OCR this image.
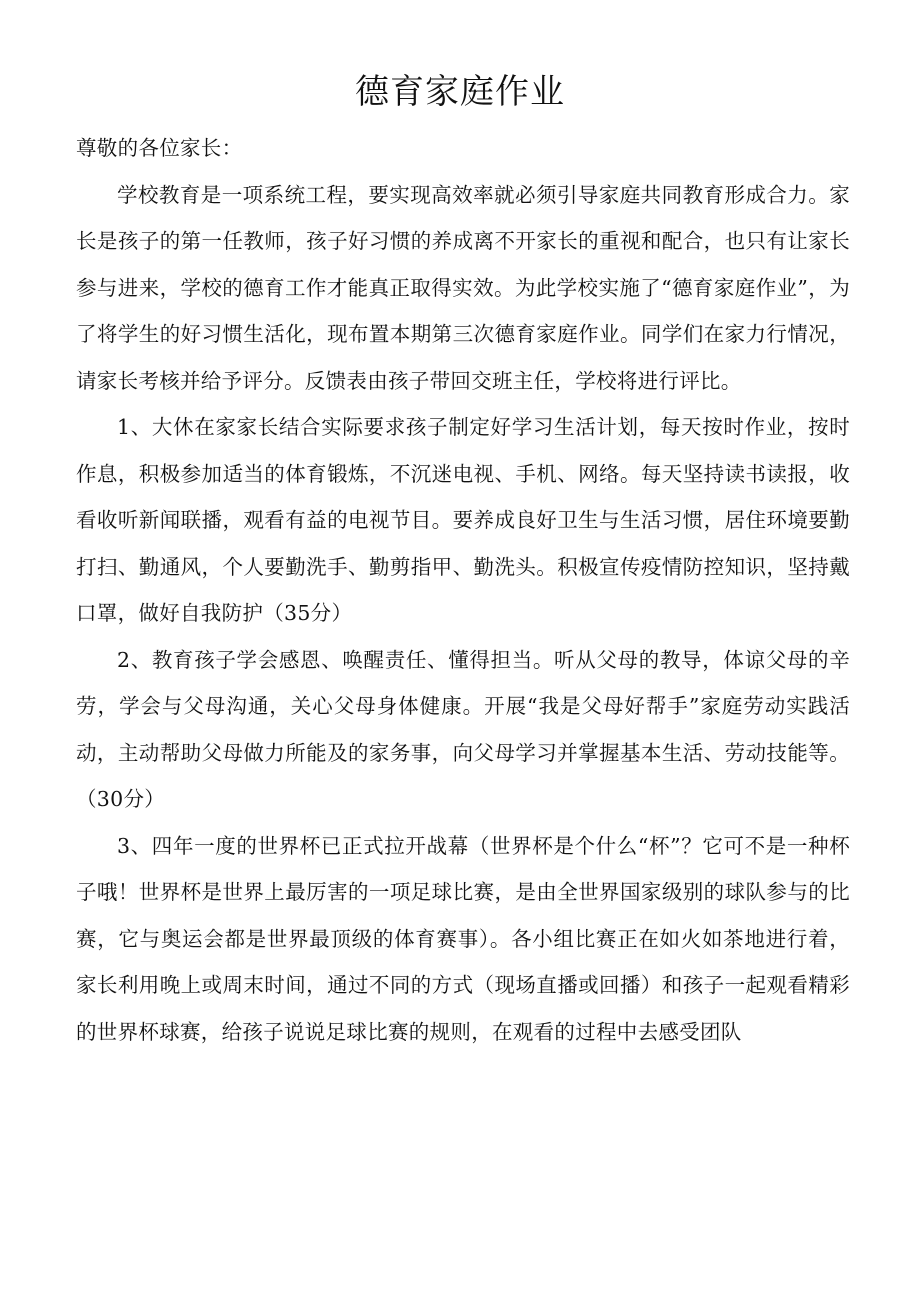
德育家庭作业

尊敬的各位家长：

学校教育是一项系统工程，要实现高效率就必须引导家庭共同教育形成合力。家长是孩子的第一任教师，孩子好习惯的养成离不开家长的重视和配合，也只有让家长参与进来，学校的德育工作才能真正取得实效。为此学校实施了“德育家庭作业”，为了将学生的好习惯生活化，现布置本期第三次德育家庭作业。同学们在家力行情况，请家长考核并给予评分。反馈表由孩子带回交班主任，学校将进行评比。

1、大休在家家长结合实际要求孩子制定好学习生活计划，每天按时作业，按时作息，积极参加适当的体育锻炼，不沉迷电视、手机、网络。每天坚持读书读报，收看收听新闻联播，观看有益的电视节目。要养成良好卫生与生活习惯，居住环境要勤打扫、勤通风，个人要勤洗手、勤剪指甲、勤洗头。积极宣传疫情防控知识，坚持戴口罩，做好自我防护（35分）

2、教育孩子学会感恩、唤醒责任、懂得担当。听从父母的教导，体谅父母的辛劳，学会与父母沟通，关心父母身体健康。开展“我是父母好帮手”家庭劳动实践活动，主动帮助父母做力所能及的家务事，向父母学习并掌握基本生活、劳动技能等。（30分）

3、四年一度的世界杯已正式拉开战幕（世界杯是个什么“杯”？它可不是一种杯子哦！世界杯是世界上最厉害的一项足球比赛，是由全世界国家级别的球队参与的比赛，它与奥运会都是世界最顶级的体育赛事）。各小组比赛正在如火如茶地进行着，家长利用晚上或周末时间，通过不同的方式（现场直播或回播）和孩子一起观看精彩的世界杯球赛，给孩子说说足球比赛的规则，在观看的过程中去感受团队
